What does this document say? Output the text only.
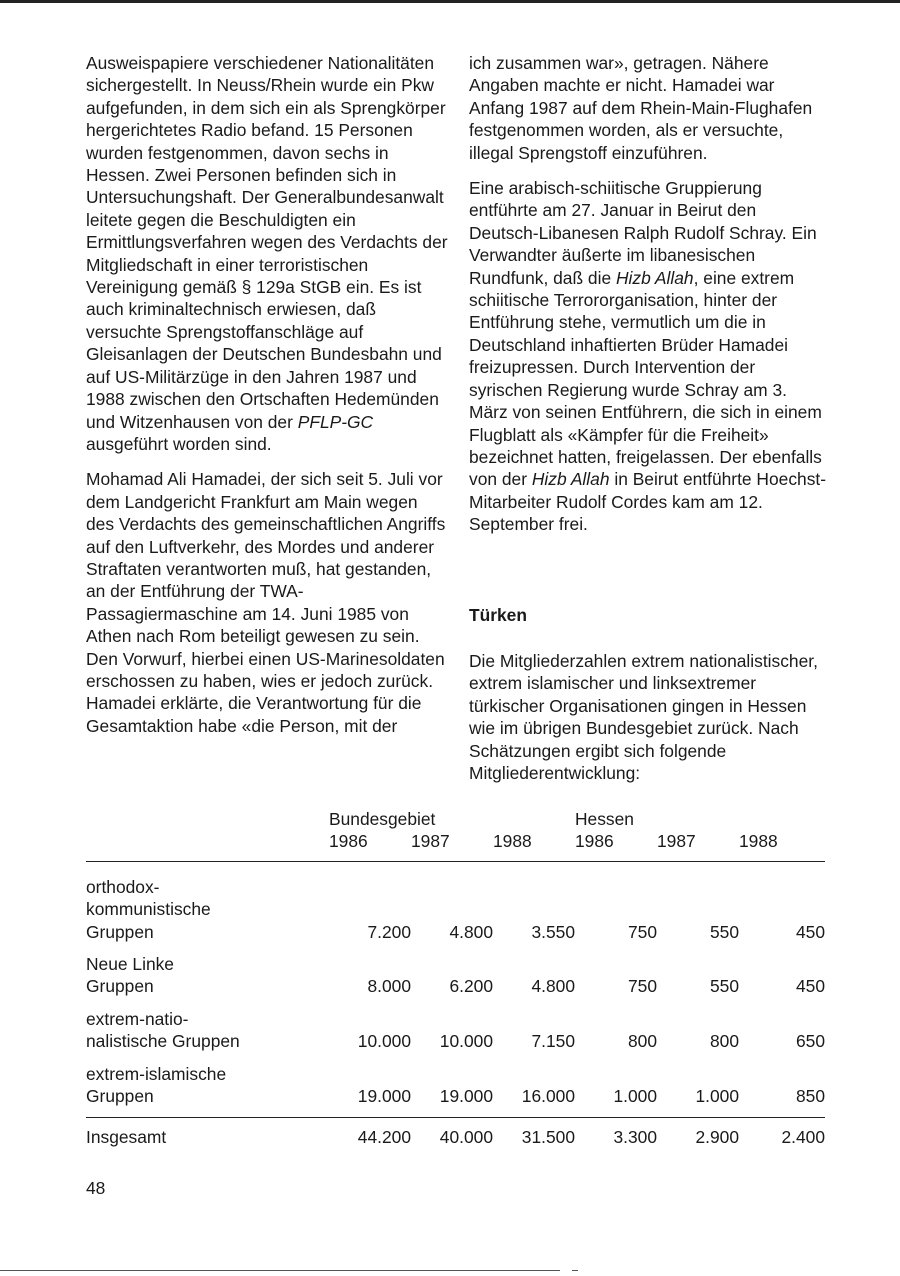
Ausweispapiere verschiedener Nationalitäten sichergestellt. In Neuss/Rhein wurde ein Pkw aufgefunden, in dem sich ein als Sprengkörper hergerichtetes Radio befand. 15 Personen wurden festgenommen, davon sechs in Hessen. Zwei Personen befinden sich in Untersuchungshaft. Der Generalbundesanwalt leitete gegen die Beschuldigten ein Ermittlungsverfahren wegen des Verdachts der Mitgliedschaft in einer terroristischen Vereinigung gemäß § 129a StGB ein. Es ist auch kriminaltechnisch erwiesen, daß versuchte Sprengstoffanschläge auf Gleisanlagen der Deutschen Bundesbahn und auf US-Militärzüge in den Jahren 1987 und 1988 zwischen den Ortschaften Hedemünden und Witzenhausen von der PFLP-GC ausgeführt worden sind.

Mohamad Ali Hamadei, der sich seit 5. Juli vor dem Landgericht Frankfurt am Main wegen des Verdachts des gemeinschaftlichen Angriffs auf den Luftverkehr, des Mordes und anderer Straftaten verantworten muß, hat gestanden, an der Entführung der TWA-Passagiermaschine am 14. Juni 1985 von Athen nach Rom beteiligt gewesen zu sein. Den Vorwurf, hierbei einen US-Marinesoldaten erschossen zu haben, wies er jedoch zurück. Hamadei erklärte, die Verantwortung für die Gesamtaktion habe «die Person, mit der

ich zusammen war», getragen. Nähere Angaben machte er nicht. Hamadei war Anfang 1987 auf dem Rhein-Main-Flughafen festgenommen worden, als er versuchte, illegal Sprengstoff einzuführen.

Eine arabisch-schiitische Gruppierung entführte am 27. Januar in Beirut den Deutsch-Libanesen Ralph Rudolf Schray. Ein Verwandter äußerte im libanesischen Rundfunk, daß die Hizb Allah, eine extrem schiitische Terrororganisation, hinter der Entführung stehe, vermutlich um die in Deutschland inhaftierten Brüder Hamadei freizupressen. Durch Intervention der syrischen Regierung wurde Schray am 3. März von seinen Entführern, die sich in einem Flugblatt als «Kämpfer für die Freiheit» bezeichnet hatten, freigelassen. Der ebenfalls von der Hizb Allah in Beirut entführte Hoechst-Mitarbeiter Rudolf Cordes kam am 12. September frei.

Türken

Die Mitgliederzahlen extrem nationalistischer, extrem islamischer und linksextremer türkischer Organisationen gingen in Hessen wie im übrigen Bundesgebiet zurück. Nach Schätzungen ergibt sich folgende Mitgliederentwicklung:

	Bundesgebiet			Hessen		
	1986	1987	1988	1986	1987	1988

orthodox-
kommunistische
Gruppen	7.200	4.800	3.550	750	550	450

Neue Linke
Gruppen	8.000	6.200	4.800	750	550	450

extrem-natio-
nalistische Gruppen	10.000	10.000	7.150	800	800	650

extrem-islamische
Gruppen	19.000	19.000	16.000	1.000	1.000	850
Insgesamt	44.200	40.000	31.500	3.300	2.900	2.400
48
